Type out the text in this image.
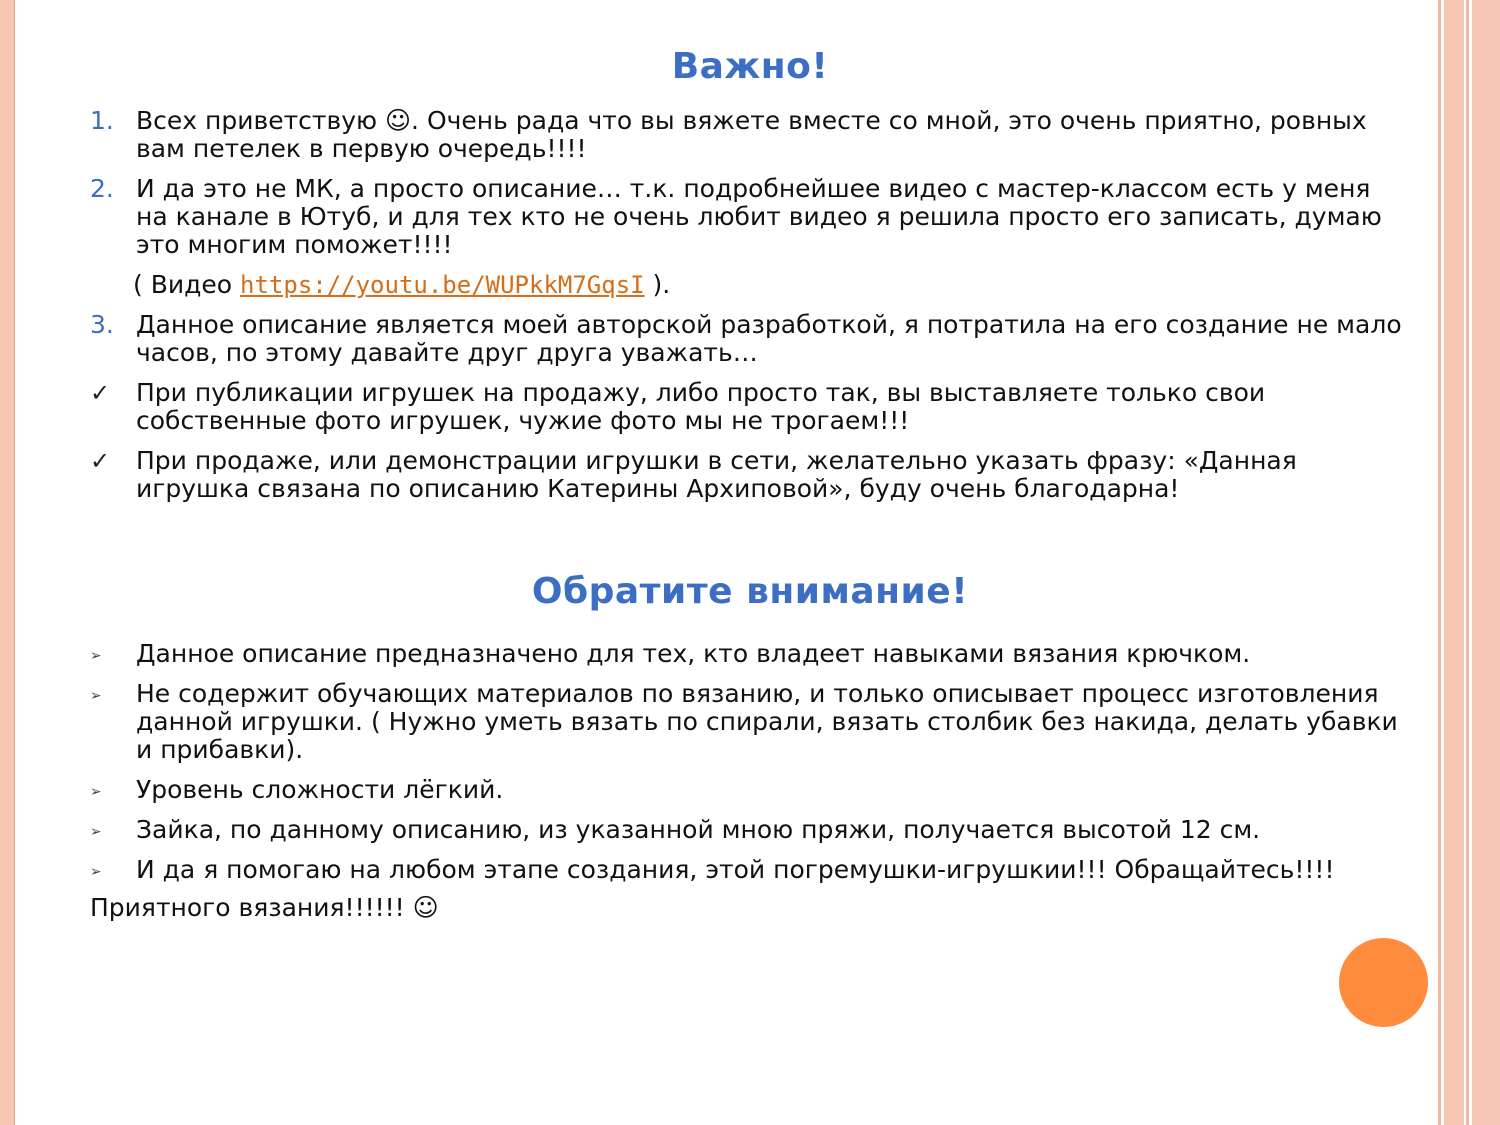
Важно!
1. Всех приветствую ☺. Очень рада что вы вяжете вместе со мной, это очень приятно, ровных вам петелек в первую очередь!!!!
2. И да это не МК, а просто описание… т.к. подробнейшее видео с мастер-классом есть у меня на канале в Ютуб, и для тех кто не очень любит видео я решила просто его записать, думаю это многим поможет!!!!
( Видео https://youtu.be/WUPkkM7GqsI ).
3. Данное описание является моей авторской разработкой, я потратила на его создание не мало часов, по этому давайте друг друга уважать…
✓	При публикации игрушек на продажу, либо просто так, вы выставляете только свои собственные фото игрушек, чужие фото мы не трогаем!!!
✓	При продаже, или демонстрации игрушки в сети, желательно указать фразу: «Данная игрушка связана по описанию Катерины Архиповой», буду очень благодарна!
Обратите внимание!
➢	Данное описание предназначено для тех, кто владеет навыками вязания крючком.
➢	Не содержит обучающих материалов по вязанию, и только описывает процесс изготовления данной игрушки. ( Нужно уметь вязать по спирали, вязать столбик без накида, делать убавки и прибавки).
➢	Уровень сложности лёгкий.
➢	Зайка, по данному описанию, из указанной мною пряжи, получается высотой 12 см.
➢	И да я помогаю на любом этапе создания, этой погремушки-игрушкии!!! Обращайтесь!!!!
Приятного вязания!!!!!! ☺
